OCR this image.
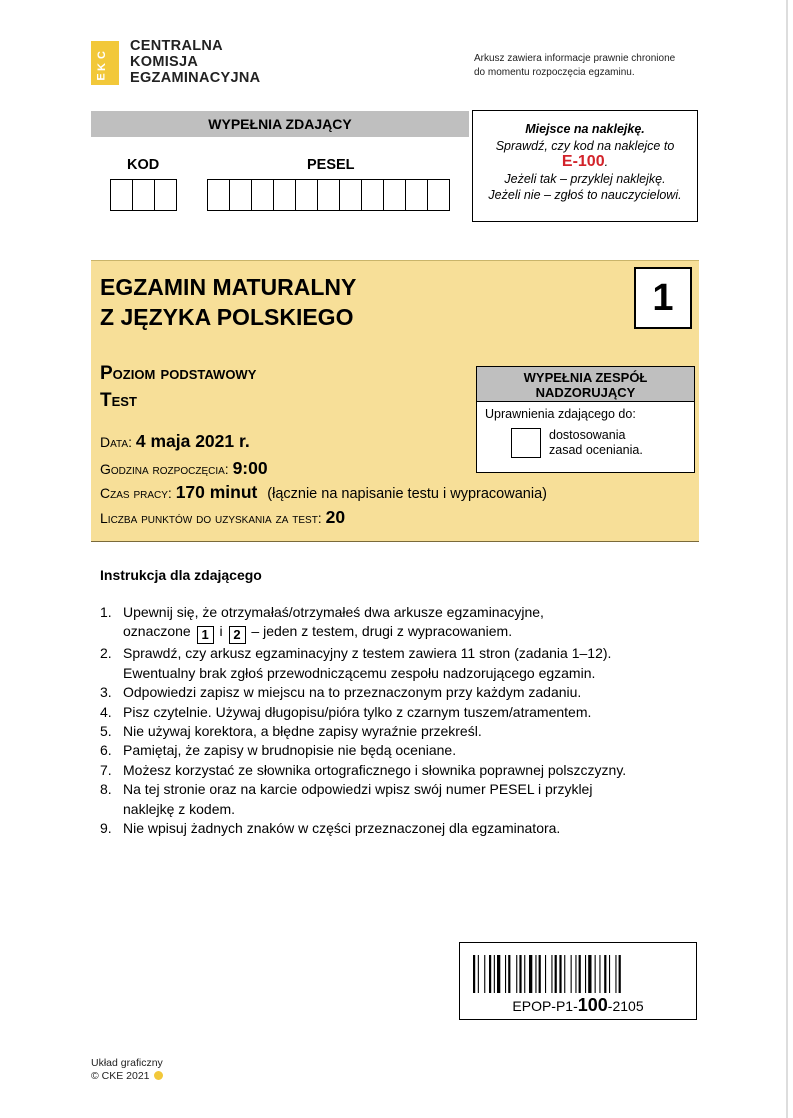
C
K
E
CENTRALNA
KOMISJA
EGZAMINACYJNA
Arkusz zawiera informacje prawnie chronione
do momentu rozpoczęcia egzaminu.
WYPEŁNIA ZDAJĄCY
KOD	PESEL
Miejsce na naklejkę.
Sprawdź, czy kod na naklejce to
E-100.
Jeżeli tak – przyklej naklejkę.
Jeżeli nie – zgłoś to nauczycielowi.
EGZAMIN MATURALNY
Z JĘZYKA POLSKIEGO	1
Poziom podstawowy
Test
Data: 4 maja 2021 r.
Godzina rozpoczęcia: 9:00
Czas pracy: 170 minut (łącznie na napisanie testu i wypracowania)
Liczba punktów do uzyskania za test: 20
WYPEŁNIA ZESPÓŁ
NADZORUJĄCY
Uprawnienia zdającego do:
dostosowania
zasad oceniania.
Instrukcja dla zdającego
1. Upewnij się, że otrzymałaś/otrzymałeś dwa arkusze egzaminacyjne,
oznaczone 1 i 2 – jeden z testem, drugi z wypracowaniem.
2. Sprawdź, czy arkusz egzaminacyjny z testem zawiera 11 stron (zadania 1–12).
Ewentualny brak zgłoś przewodniczącemu zespołu nadzorującego egzamin.
3. Odpowiedzi zapisz w miejscu na to przeznaczonym przy każdym zadaniu.
4. Pisz czytelnie. Używaj długopisu/pióra tylko z czarnym tuszem/atramentem.
5. Nie używaj korektora, a błędne zapisy wyraźnie przekreśl.
6. Pamiętaj, że zapisy w brudnopisie nie będą oceniane.
7. Możesz korzystać ze słownika ortograficznego i słownika poprawnej polszczyzny.
8. Na tej stronie oraz na karcie odpowiedzi wpisz swój numer PESEL i przyklej
naklejkę z kodem.
9. Nie wpisuj żadnych znaków w części przeznaczonej dla egzaminatora.
EPOP-P1-100-2105
Układ graficzny
© CKE 2021
